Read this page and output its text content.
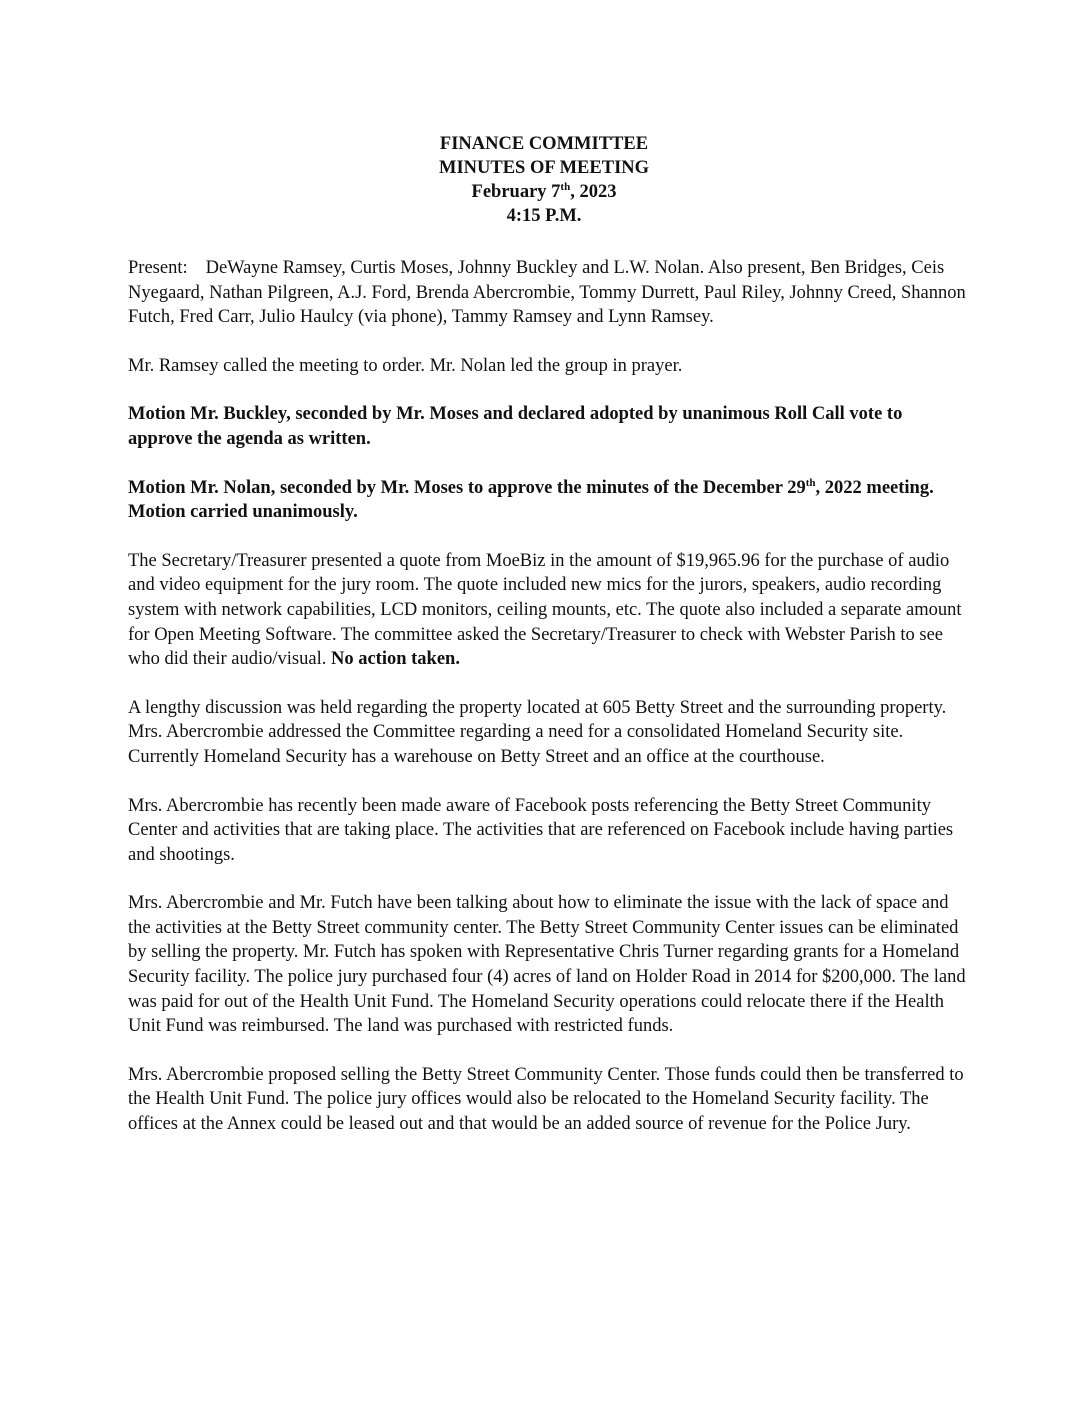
FINANCE COMMITTEE
MINUTES OF MEETING
February 7th, 2023
4:15 P.M.

Present: DeWayne Ramsey, Curtis Moses, Johnny Buckley and L.W. Nolan. Also present, Ben Bridges, Ceis Nyegaard, Nathan Pilgreen, A.J. Ford, Brenda Abercrombie, Tommy Durrett, Paul Riley, Johnny Creed, Shannon Futch, Fred Carr, Julio Haulcy (via phone), Tammy Ramsey and Lynn Ramsey.

Mr. Ramsey called the meeting to order. Mr. Nolan led the group in prayer.

Motion Mr. Buckley, seconded by Mr. Moses and declared adopted by unanimous Roll Call vote to approve the agenda as written.

Motion Mr. Nolan, seconded by Mr. Moses to approve the minutes of the December 29th, 2022 meeting. Motion carried unanimously.

The Secretary/Treasurer presented a quote from MoeBiz in the amount of $19,965.96 for the purchase of audio and video equipment for the jury room. The quote included new mics for the jurors, speakers, audio recording system with network capabilities, LCD monitors, ceiling mounts, etc. The quote also included a separate amount for Open Meeting Software. The committee asked the Secretary/Treasurer to check with Webster Parish to see who did their audio/visual. No action taken.

A lengthy discussion was held regarding the property located at 605 Betty Street and the surrounding property. Mrs. Abercrombie addressed the Committee regarding a need for a consolidated Homeland Security site. Currently Homeland Security has a warehouse on Betty Street and an office at the courthouse.

Mrs. Abercrombie has recently been made aware of Facebook posts referencing the Betty Street Community Center and activities that are taking place. The activities that are referenced on Facebook include having parties and shootings.

Mrs. Abercrombie and Mr. Futch have been talking about how to eliminate the issue with the lack of space and the activities at the Betty Street community center. The Betty Street Community Center issues can be eliminated by selling the property. Mr. Futch has spoken with Representative Chris Turner regarding grants for a Homeland Security facility. The police jury purchased four (4) acres of land on Holder Road in 2014 for $200,000. The land was paid for out of the Health Unit Fund. The Homeland Security operations could relocate there if the Health Unit Fund was reimbursed. The land was purchased with restricted funds.

Mrs. Abercrombie proposed selling the Betty Street Community Center. Those funds could then be transferred to the Health Unit Fund. The police jury offices would also be relocated to the Homeland Security facility. The offices at the Annex could be leased out and that would be an added source of revenue for the Police Jury.
